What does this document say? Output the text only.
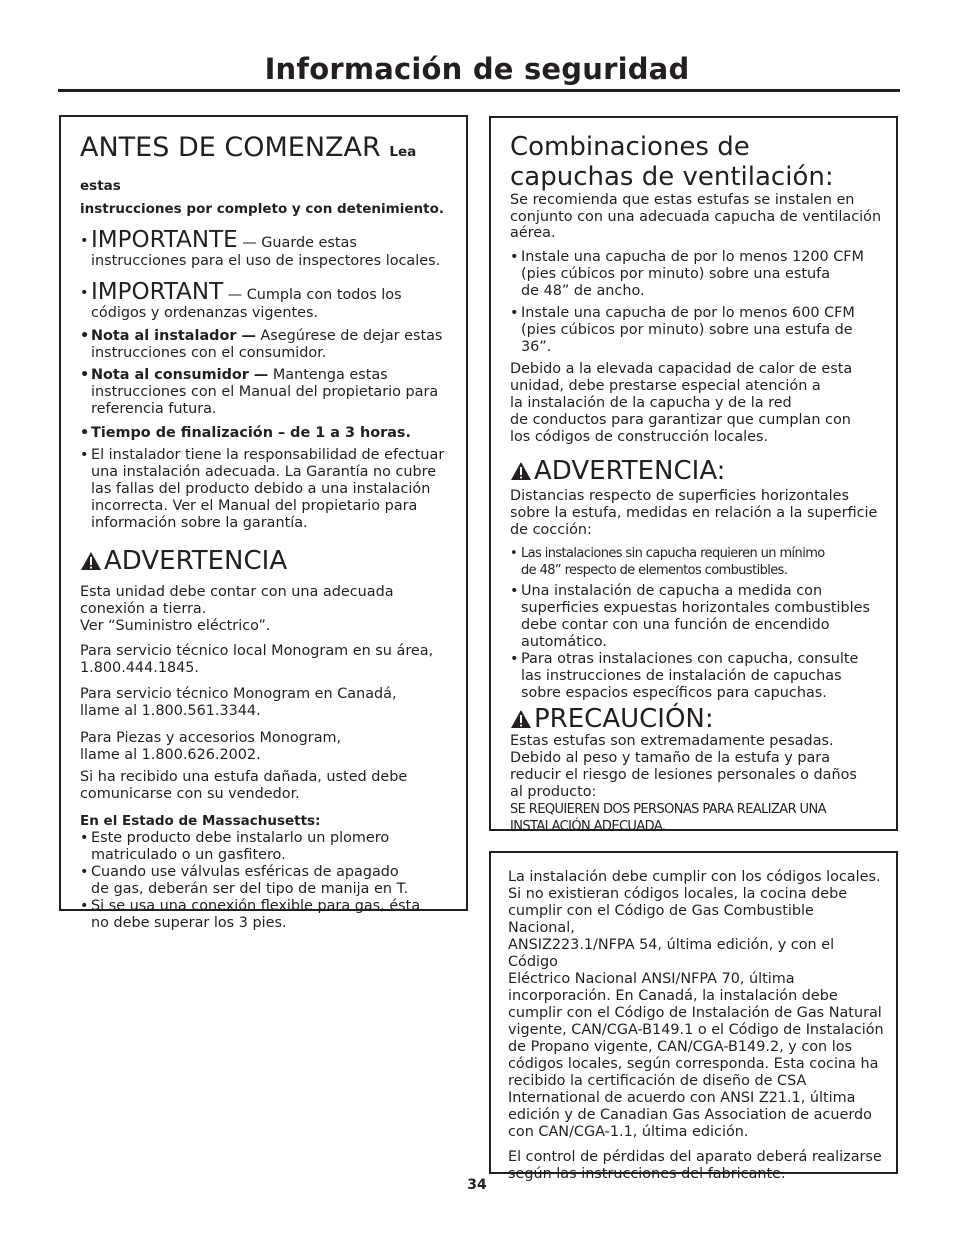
Información de seguridad
ANTES DE COMENZAR Lea estas

instrucciones por completo y con detenimiento.

• IMPORTANTE — Guarde estas
instrucciones para el uso de inspectores locales.
• IMPORTANT — Cumpla con todos los
códigos y ordenanzas vigentes.
• Nota al instalador — Asegúrese de dejar estas
instrucciones con el consumidor.
• Nota al consumidor — Mantenga estas
instrucciones con el Manual del propietario para
referencia futura.
• Tiempo de finalización – de 1 a 3 horas.
• El instalador tiene la responsabilidad de efectuar
una instalación adecuada. La Garantía no cubre
las fallas del producto debido a una instalación
incorrecta. Ver el Manual del propietario para
información sobre la garantía.
ADVERTENCIA

Esta unidad debe contar con una adecuada
conexión a tierra.
Ver “Suministro eléctrico”.

Para servicio técnico local Monogram en su área,
1.800.444.1845.

Para servicio técnico Monogram en Canadá,
llame al 1.800.561.3344.

Para Piezas y accesorios Monogram,
llame al 1.800.626.2002.

Si ha recibido una estufa dañada, usted debe
comunicarse con su vendedor.

En el Estado de Massachusetts:

• Este producto debe instalarlo un plomero
matriculado o un gasfitero.
• Cuando use válvulas esféricas de apagado
de gas, deberán ser del tipo de manija en T.
• Si se usa una conexión flexible para gas, ésta
no debe superar los 3 pies.
Combinaciones de
capuchas de ventilación:

Se recomienda que estas estufas se instalen en
conjunto con una adecuada capucha de ventilación
aérea.

• Instale una capucha de por lo menos 1200 CFM
(pies cúbicos por minuto) sobre una estufa
de 48” de ancho.
• Instale una capucha de por lo menos 600 CFM
(pies cúbicos por minuto) sobre una estufa de 36”.

Debido a la elevada capacidad de calor de esta
unidad, debe prestarse especial atención a
la instalación de la capucha y de la red
de conductos para garantizar que cumplan con
los códigos de construcción locales.

ADVERTENCIA:

Distancias respecto de superficies horizontales
sobre la estufa, medidas en relación a la superficie
de cocción:

• Las instalaciones sin capucha requieren un mínimo
de 48” respecto de elementos combustibles.
• Una instalación de capucha a medida con
superficies expuestas horizontales combustibles
debe contar con una función de encendido
automático.
• Para otras instalaciones con capucha, consulte
las instrucciones de instalación de capuchas
sobre espacios específicos para capuchas.
PRECAUCIÓN:

Estas estufas son extremadamente pesadas.
Debido al peso y tamaño de la estufa y para
reducir el riesgo de lesiones personales o daños
al producto:

SE REQUIEREN DOS PERSONAS PARA REALIZAR UNA
INSTALACIÓN ADECUADA.

La instalación debe cumplir con los códigos locales.
Si no existieran códigos locales, la cocina debe
cumplir con el Código de Gas Combustible Nacional,
ANSIZ223.1/NFPA 54, última edición, y con el Código
Eléctrico Nacional ANSI/NFPA 70, última
incorporación. En Canadá, la instalación debe
cumplir con el Código de Instalación de Gas Natural
vigente, CAN/CGA-B149.1 o el Código de Instalación
de Propano vigente, CAN/CGA-B149.2, y con los
códigos locales, según corresponda. Esta cocina ha
recibido la certificación de diseño de CSA
International de acuerdo con ANSI Z21.1, última
edición y de Canadian Gas Association de acuerdo
con CAN/CGA-1.1, última edición.

El control de pérdidas del aparato deberá realizarse
según las instrucciones del fabricante.

34
